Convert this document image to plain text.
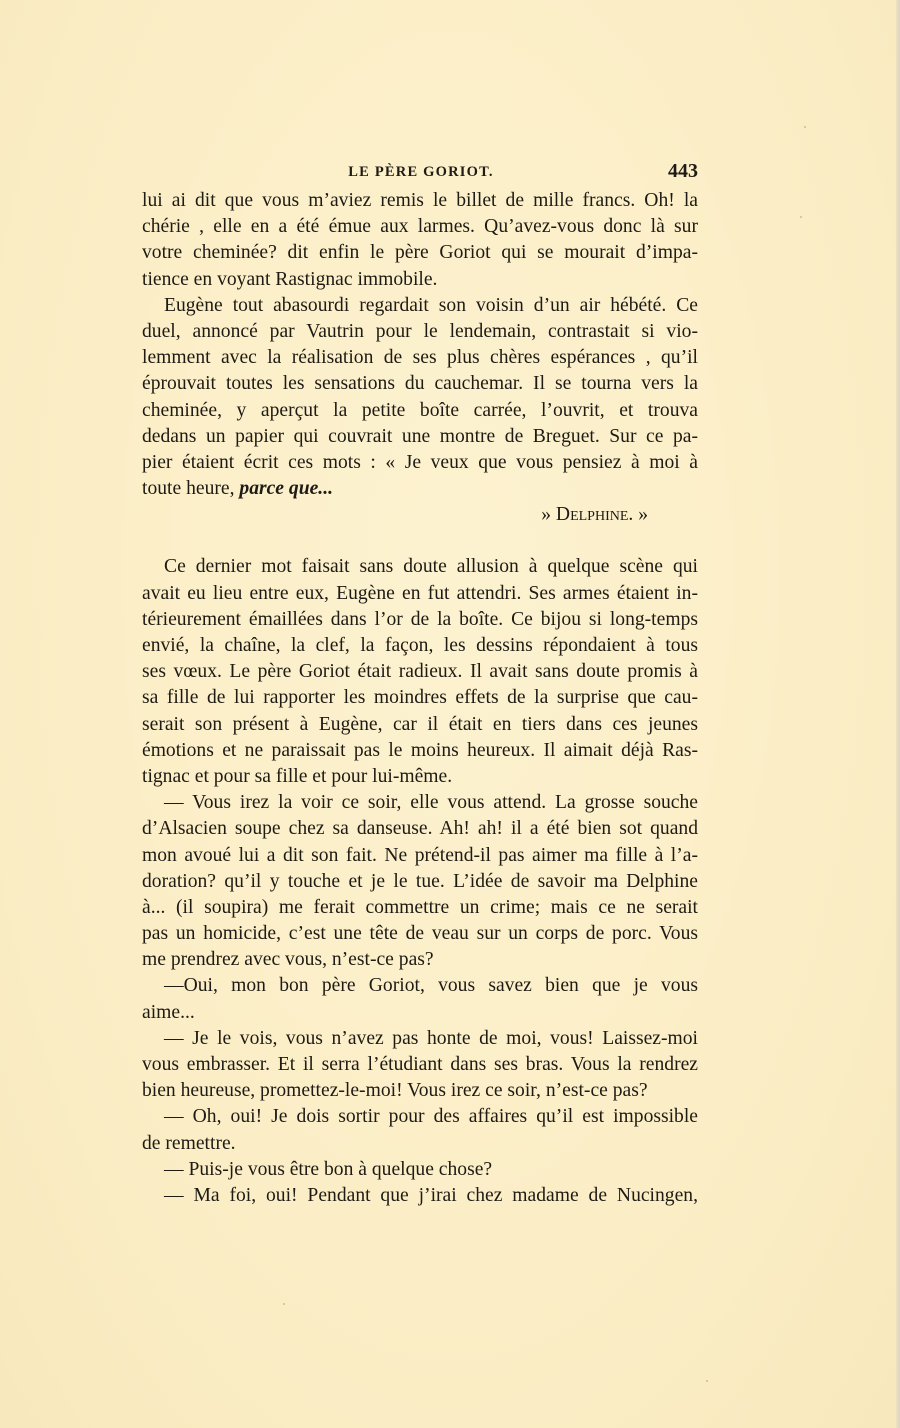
LE PÈRE GORIOT.	443
lui ai dit que vous m’aviez remis le billet de mille francs. Oh! la
chérie , elle en a été émue aux larmes. Qu’avez-vous donc là sur
votre cheminée? dit enfin le père Goriot qui se mourait d’impa-
tience en voyant Rastignac immobile.
Eugène tout abasourdi regardait son voisin d’un air hébété. Ce
duel, annoncé par Vautrin pour le lendemain, contrastait si vio-
lemment avec la réalisation de ses plus chères espérances , qu’il
éprouvait toutes les sensations du cauchemar. Il se tourna vers la
cheminée, y aperçut la petite boîte carrée, l’ouvrit, et trouva
dedans un papier qui couvrait une montre de Breguet. Sur ce pa-
pier étaient écrit ces mots : « Je veux que vous pensiez à moi à
toute heure, parce que...
» Delphine. »
Ce dernier mot faisait sans doute allusion à quelque scène qui
avait eu lieu entre eux, Eugène en fut attendri. Ses armes étaient in-
térieurement émaillées dans l’or de la boîte. Ce bijou si long-temps
envié, la chaîne, la clef, la façon, les dessins répondaient à tous
ses vœux. Le père Goriot était radieux. Il avait sans doute promis à
sa fille de lui rapporter les moindres effets de la surprise que cau-
serait son présent à Eugène, car il était en tiers dans ces jeunes
émotions et ne paraissait pas le moins heureux. Il aimait déjà Ras-
tignac et pour sa fille et pour lui-même.
— Vous irez la voir ce soir, elle vous attend. La grosse souche
d’Alsacien soupe chez sa danseuse. Ah! ah! il a été bien sot quand
mon avoué lui a dit son fait. Ne prétend-il pas aimer ma fille à l’a-
doration? qu’il y touche et je le tue. L’idée de savoir ma Delphine
à... (il soupira) me ferait commettre un crime; mais ce ne serait
pas un homicide, c’est une tête de veau sur un corps de porc. Vous
me prendrez avec vous, n’est-ce pas?
—Oui, mon bon père Goriot, vous savez bien que je vous
aime...
— Je le vois, vous n’avez pas honte de moi, vous! Laissez-moi
vous embrasser. Et il serra l’étudiant dans ses bras. Vous la rendrez
bien heureuse, promettez-le-moi! Vous irez ce soir, n’est-ce pas?
— Oh, oui! Je dois sortir pour des affaires qu’il est impossible
de remettre.
— Puis-je vous être bon à quelque chose?
— Ma foi, oui! Pendant que j’irai chez madame de Nucingen,
